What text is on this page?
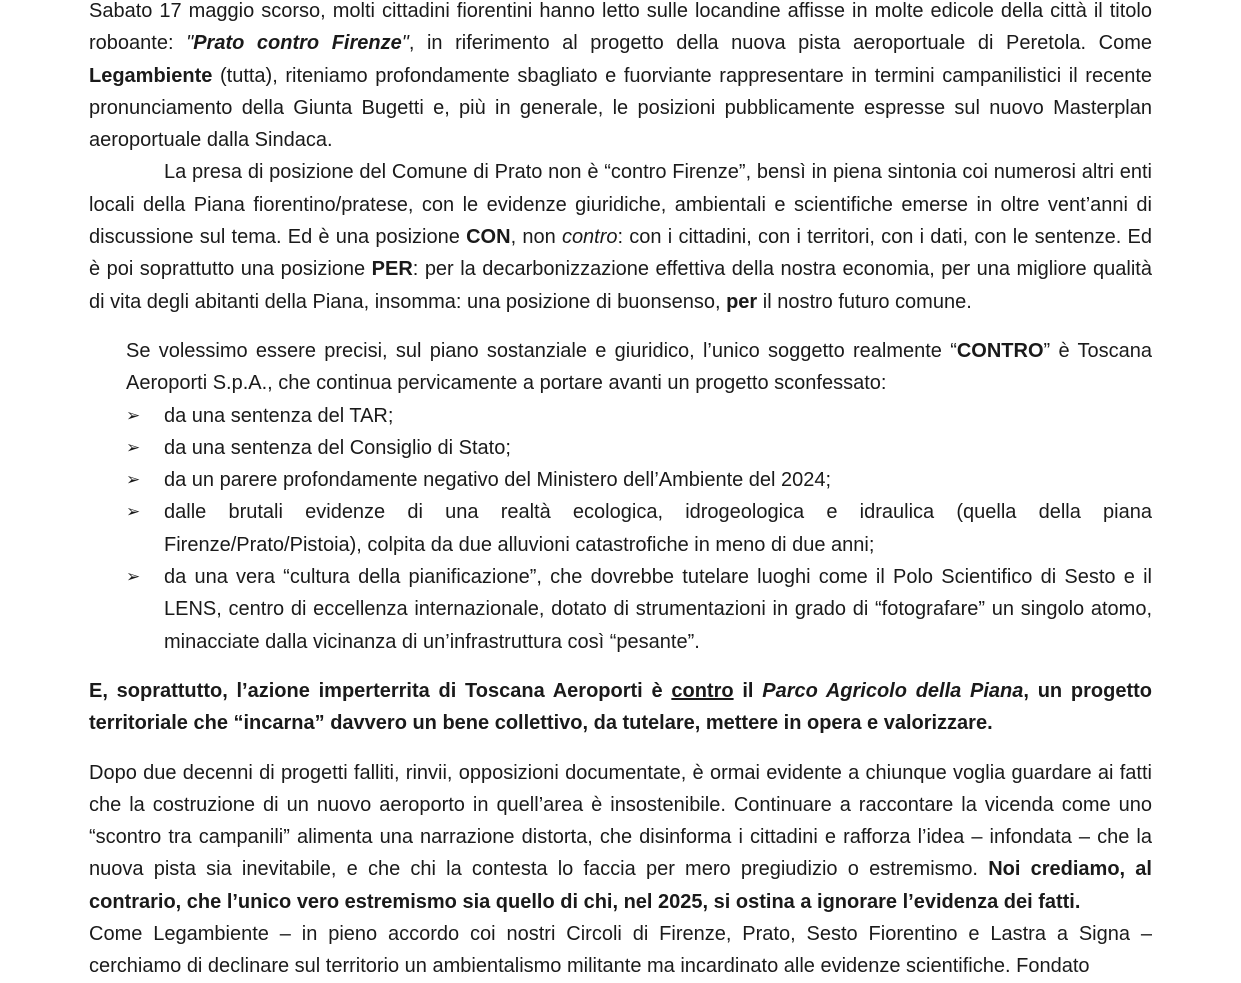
Sabato 17 maggio scorso, molti cittadini fiorentini hanno letto sulle locandine affisse in molte edicole della città il titolo roboante: "Prato contro Firenze", in riferimento al progetto della nuova pista aeroportuale di Peretola. Come Legambiente (tutta), riteniamo profondamente sbagliato e fuorviante rappresentare in termini campanilistici il recente pronunciamento della Giunta Bugetti e, più in generale, le posizioni pubblicamente espresse sul nuovo Masterplan aeroportuale dalla Sindaca.

La presa di posizione del Comune di Prato non è “contro Firenze”, bensì in piena sintonia coi numerosi altri enti locali della Piana fiorentino/pratese, con le evidenze giuridiche, ambientali e scientifiche emerse in oltre vent’anni di discussione sul tema. Ed è una posizione CON, non contro: con i cittadini, con i territori, con i dati, con le sentenze. Ed è poi soprattutto una posizione PER: per la decarbonizzazione effettiva della nostra economia, per una migliore qualità di vita degli abitanti della Piana, insomma: una posizione di buonsenso, per il nostro futuro comune.

Se volessimo essere precisi, sul piano sostanziale e giuridico, l’unico soggetto realmente “CONTRO” è Toscana Aeroporti S.p.A., che continua pervicamente a portare avanti un progetto sconfessato:

➢ da una sentenza del TAR;
➢ da una sentenza del Consiglio di Stato;
➢ da un parere profondamente negativo del Ministero dell’Ambiente del 2024;
➢ dalle brutali evidenze di una realtà ecologica, idrogeologica e idraulica (quella della piana Firenze/Prato/Pistoia), colpita da due alluvioni catastrofiche in meno di due anni;
➢ da una vera “cultura della pianificazione”, che dovrebbe tutelare luoghi come il Polo Scientifico di Sesto e il LENS, centro di eccellenza internazionale, dotato di strumentazioni in grado di “fotografare” un singolo atomo, minacciate dalla vicinanza di un’infrastruttura così “pesante”.

E, soprattutto, l’azione imperterrita di Toscana Aeroporti è contro il Parco Agricolo della Piana, un progetto territoriale che “incarna” davvero un bene collettivo, da tutelare, mettere in opera e valorizzare.

Dopo due decenni di progetti falliti, rinvii, opposizioni documentate, è ormai evidente a chiunque voglia guardare ai fatti che la costruzione di un nuovo aeroporto in quell’area è insostenibile. Continuare a raccontare la vicenda come uno “scontro tra campanili” alimenta una narrazione distorta, che disinforma i cittadini e rafforza l’idea – infondata – che la nuova pista sia inevitabile, e che chi la contesta lo faccia per mero pregiudizio o estremismo. Noi crediamo, al contrario, che l’unico vero estremismo sia quello di chi, nel 2025, si ostina a ignorare l’evidenza dei fatti.

Come Legambiente – in pieno accordo coi nostri Circoli di Firenze, Prato, Sesto Fiorentino e Lastra a Signa – cerchiamo di declinare sul territorio un ambientalismo militante ma incardinato alle evidenze scientifiche. Fondato
